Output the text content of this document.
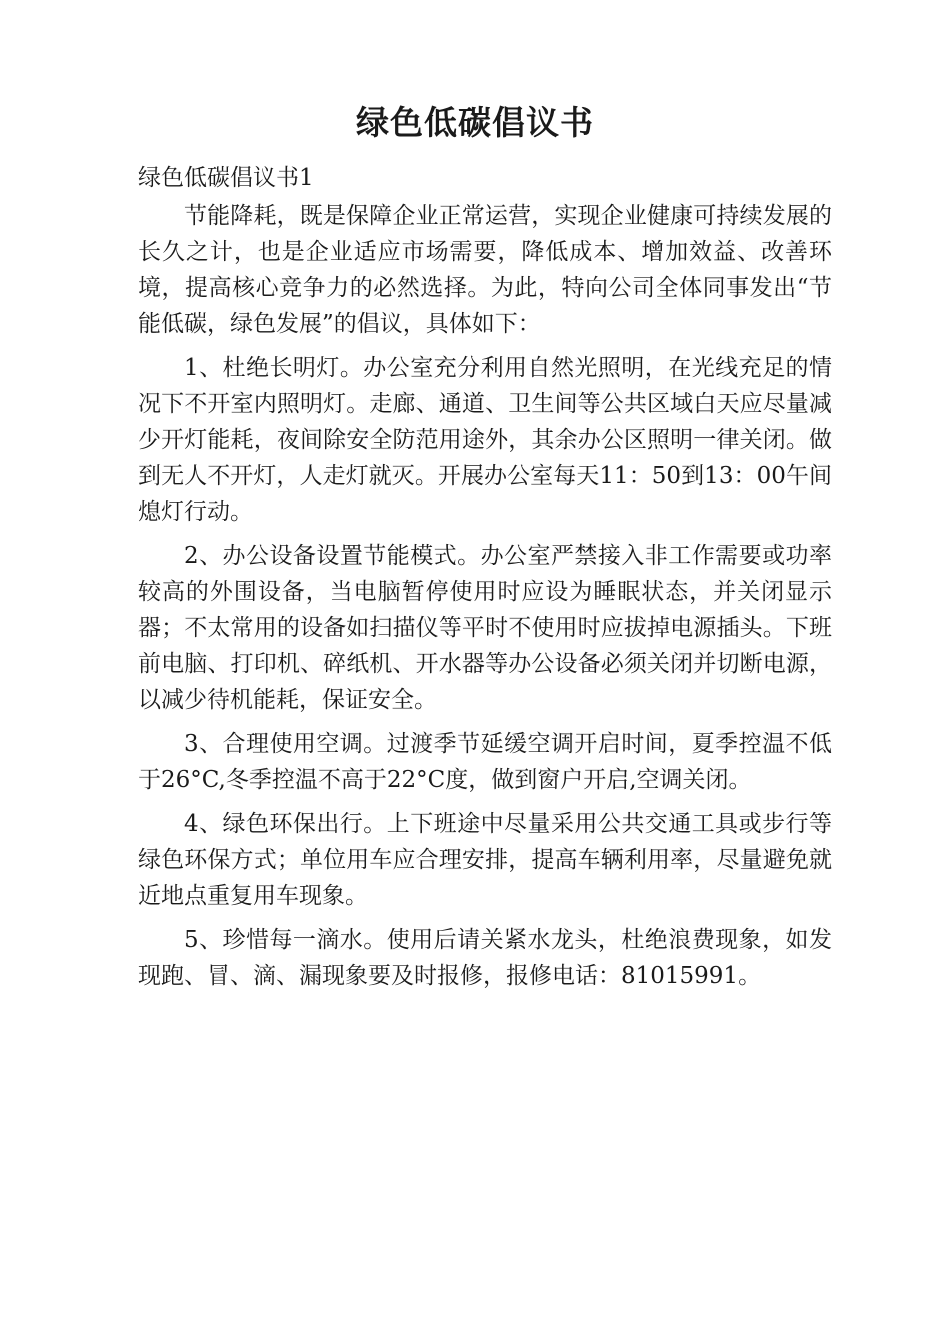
绿色低碳倡议书

绿色低碳倡议书1

节能降耗，既是保障企业正常运营，实现企业健康可持续发展的长久之计，也是企业适应市场需要，降低成本、增加效益、改善环境，提高核心竞争力的必然选择。为此，特向公司全体同事发出“节能低碳，绿色发展”的倡议，具体如下：

1、杜绝长明灯。办公室充分利用自然光照明，在光线充足的情况下不开室内照明灯。走廊、通道、卫生间等公共区域白天应尽量减少开灯能耗，夜间除安全防范用途外，其余办公区照明一律关闭。做到无人不开灯，人走灯就灭。开展办公室每天11：50到13：00午间熄灯行动。

2、办公设备设置节能模式。办公室严禁接入非工作需要或功率较高的外围设备，当电脑暂停使用时应设为睡眠状态，并关闭显示器；不太常用的设备如扫描仪等平时不使用时应拔掉电源插头。下班前电脑、打印机、碎纸机、开水器等办公设备必须关闭并切断电源，以减少待机能耗，保证安全。

3、合理使用空调。过渡季节延缓空调开启时间，夏季控温不低于26°C,冬季控温不高于22°C度，做到窗户开启,空调关闭。

4、绿色环保出行。上下班途中尽量采用公共交通工具或步行等绿色环保方式；单位用车应合理安排，提高车辆利用率，尽量避免就近地点重复用车现象。

5、珍惜每一滴水。使用后请关紧水龙头，杜绝浪费现象，如发现跑、冒、滴、漏现象要及时报修，报修电话：81015991。
